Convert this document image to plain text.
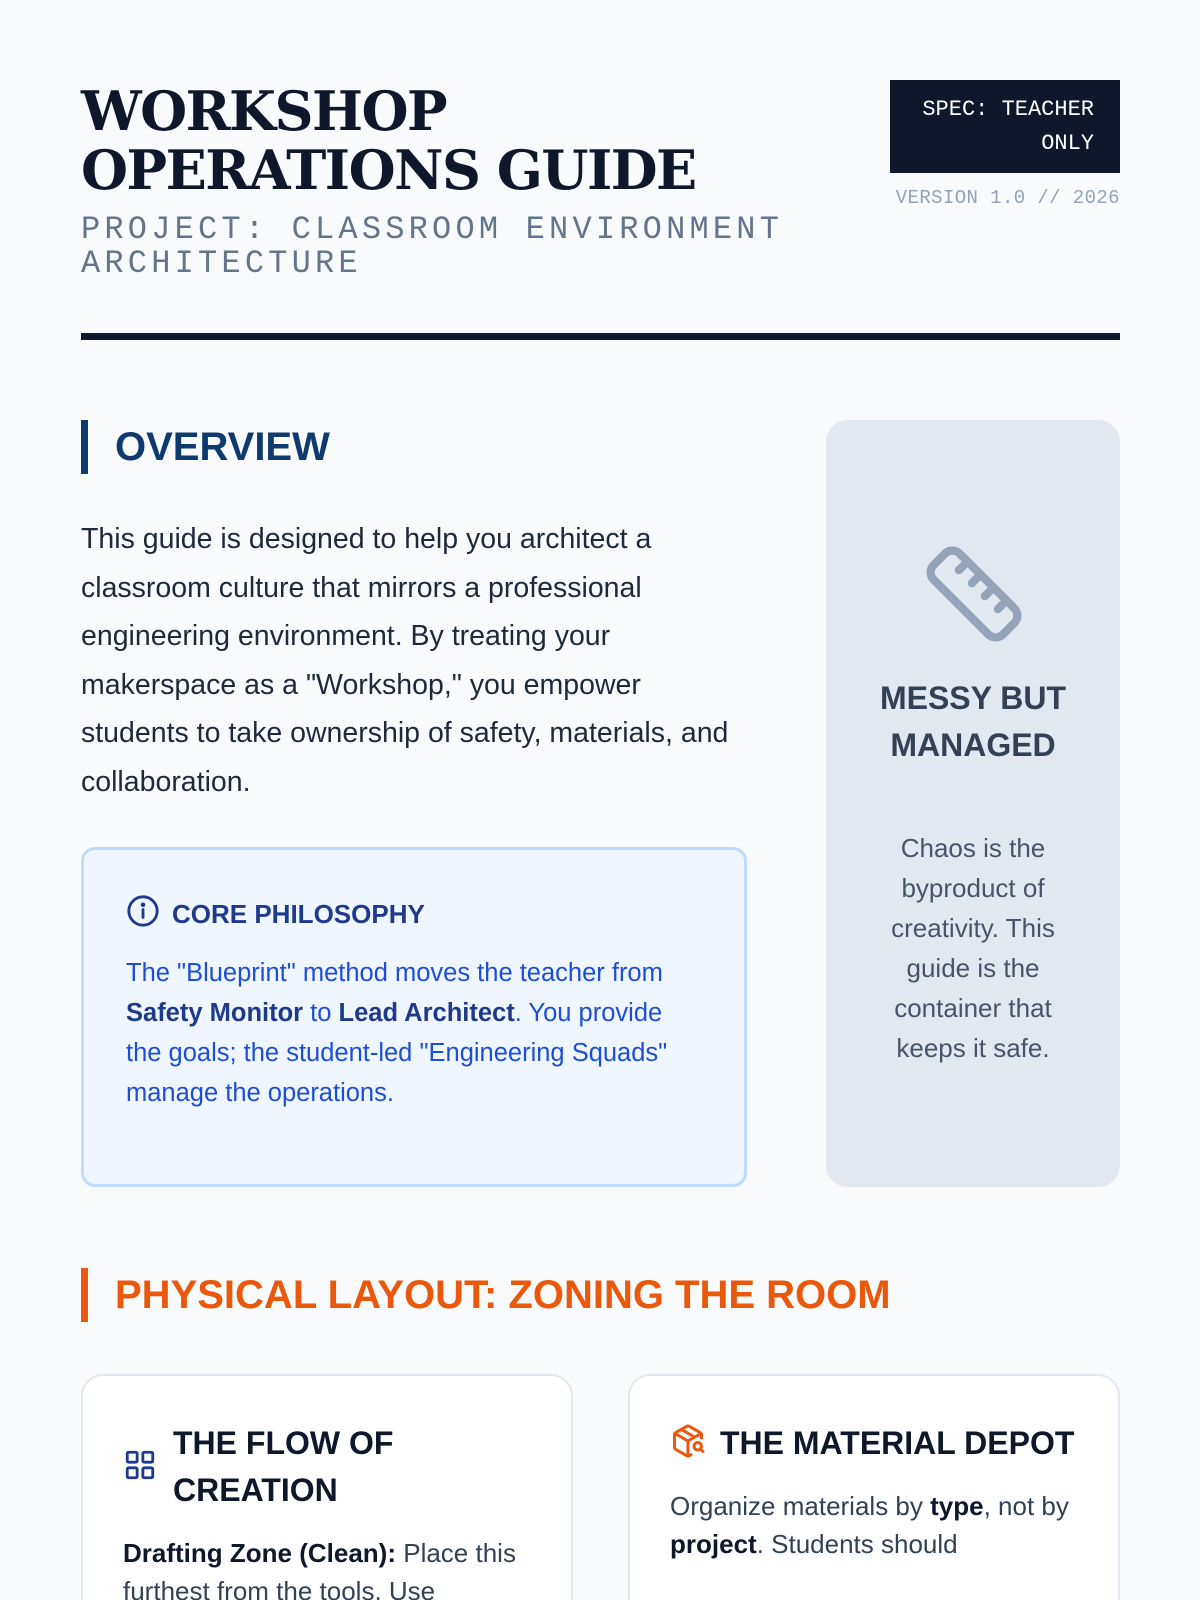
WORKSHOP OPERATIONS GUIDE
PROJECT: CLASSROOM ENVIRONMENT ARCHITECTURE
SPEC: TEACHER ONLY
VERSION 1.0 // 2026
OVERVIEW

This guide is designed to help you architect a classroom culture that mirrors a professional engineering environment. By treating your makerspace as a "Workshop," you empower students to take ownership of safety, materials, and collaboration.

CORE PHILOSOPHY

The "Blueprint" method moves the teacher from Safety Monitor to Lead Architect. You provide the goals; the student-led "Engineering Squads" manage the operations.

MESSY BUT MANAGED
Chaos is the byproduct of creativity. This guide is the container that keeps it safe.
PHYSICAL LAYOUT: ZONING THE ROOM
THE FLOW OF CREATION

Drafting Zone (Clean): Place this furthest from the tools. Use

THE MATERIAL DEPOT

Organize materials by type, not by project. Students should
